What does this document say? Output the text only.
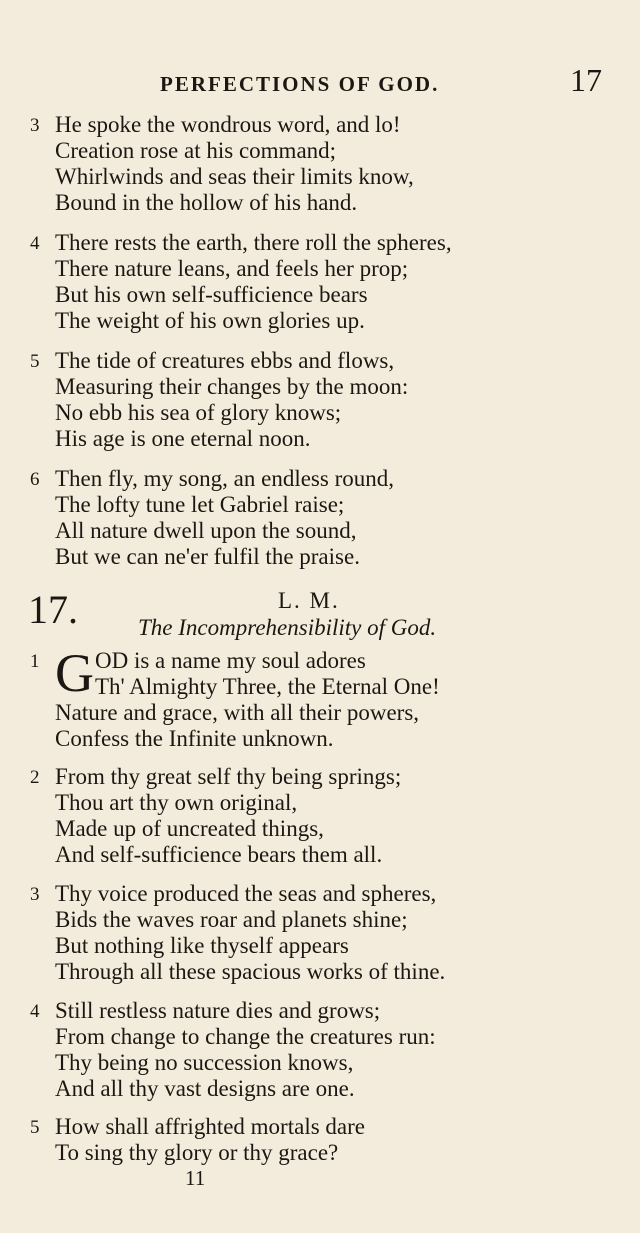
PERFECTIONS OF GOD.	17
3 He spoke the wondrous word, and lo!
Creation rose at his command;
Whirlwinds and seas their limits know,
Bound in the hollow of his hand.
4 There rests the earth, there roll the spheres,
There nature leans, and feels her prop;
But his own self-sufficience bears
The weight of his own glories up.
5 The tide of creatures ebbs and flows,
Measuring their changes by the moon:
No ebb his sea of glory knows;
His age is one eternal noon.
6 Then fly, my song, an endless round,
The lofty tune let Gabriel raise;
All nature dwell upon the sound,
But we can ne'er fulfil the praise.
17.	L. M.
The Incomprehensibility of God.
1 G OD is a name my soul adores
Th' Almighty Three, the Eternal One!
Nature and grace, with all their powers,
Confess the Infinite unknown.
2 From thy great self thy being springs;
Thou art thy own original,
Made up of uncreated things,
And self-sufficience bears them all.
3 Thy voice produced the seas and spheres,
Bids the waves roar and planets shine;
But nothing like thyself appears
Through all these spacious works of thine.
4 Still restless nature dies and grows;
From change to change the creatures run:
Thy being no succession knows,
And all thy vast designs are one.
5 How shall affrighted mortals dare
To sing thy glory or thy grace?
11
